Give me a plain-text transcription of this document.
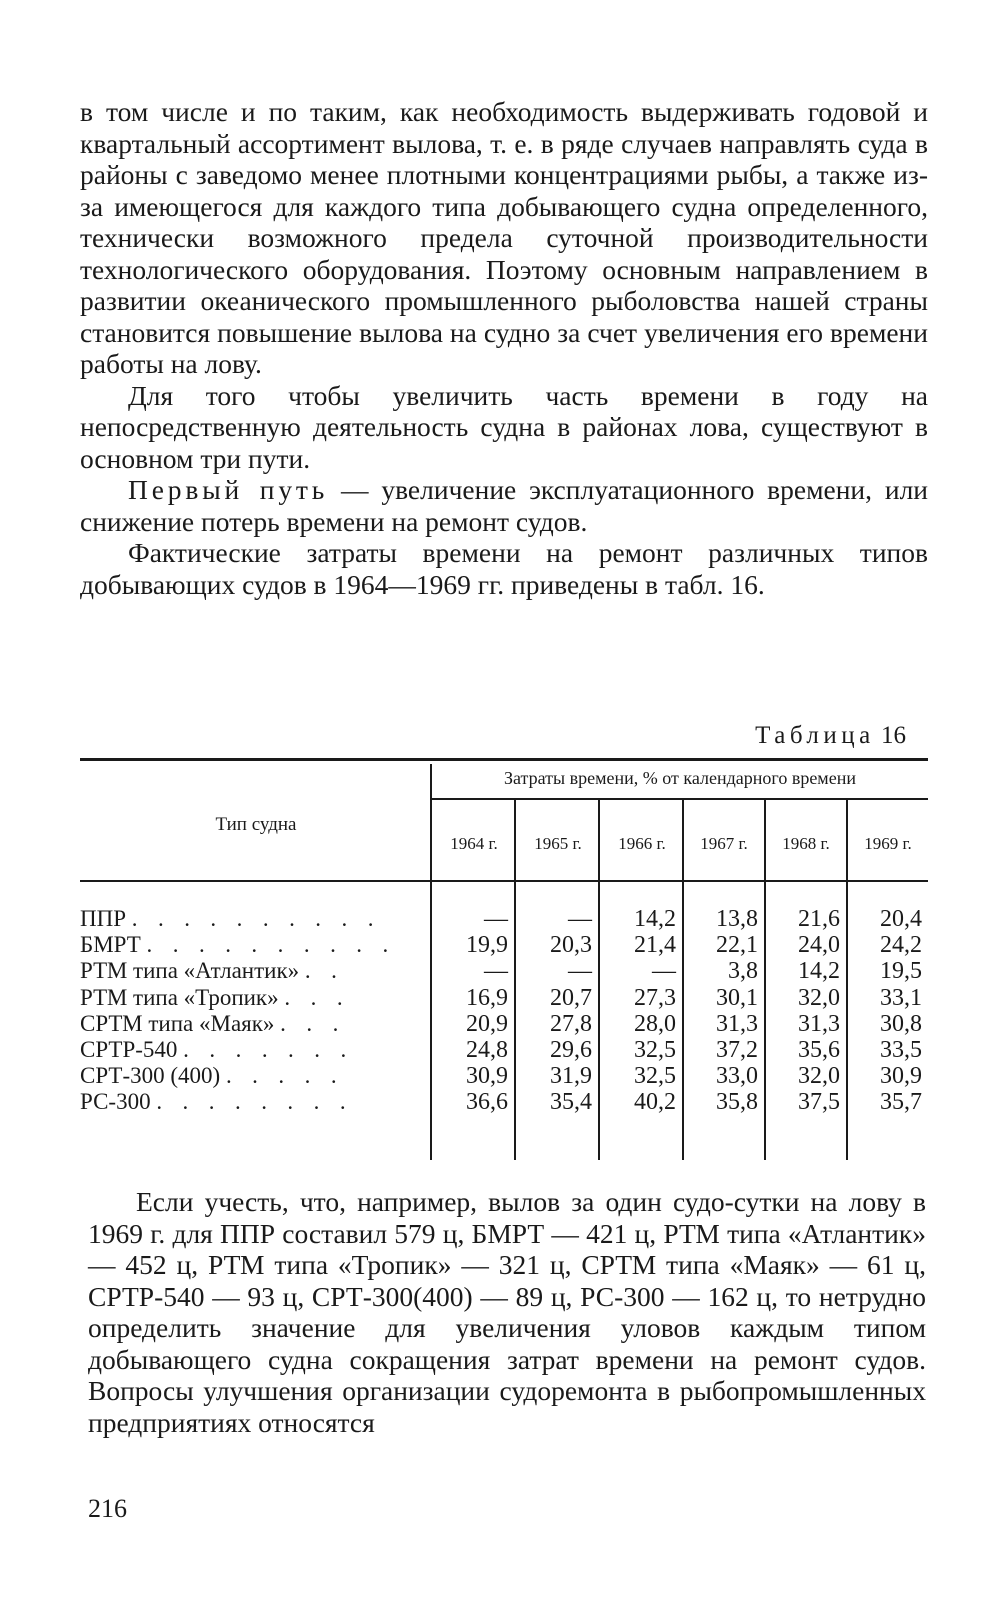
в том числе и по таким, как необходимость выдерживать годовой и квартальный ассортимент вылова, т. е. в ряде случаев направлять суда в районы с заведомо менее плотными концентрациями рыбы, а также из-за имеющегося для каждого типа добывающего судна определенного, технически возможного предела суточной производительности технологического оборудования. Поэтому основным направлением в развитии океанического промышленного рыболовства нашей страны становится повышение вылова на судно за счет увеличения его времени работы на лову.

Для того чтобы увеличить часть времени в году на непосредственную деятельность судна в районах лова, существуют в основном три пути.

Первый путь — увеличение эксплуатационного времени, или снижение потерь времени на ремонт судов.

Фактические затраты времени на ремонт различных типов добывающих судов в 1964—1969 гг. приведены в табл. 16.

Таблица 16
Затраты времени, % от календарного времени
Тип судна
1964 г.	1965 г.	1966 г.	1967 г.	1968 г.	1969 г.
ППР . . . . . . . . . .	—	—	14,2	13,8	21,6	20,4
БМРТ . . . . . . . . . .	19,9	20,3	21,4	22,1	24,0	24,2
РТМ типа «Атлантик» . .	—	—	—	3,8	14,2	19,5
РТМ типа «Тропик» . . .	16,9	20,7	27,3	30,1	32,0	33,1
СРТМ типа «Маяк» . . .	20,9	27,8	28,0	31,3	31,3	30,8
СРТР-540 . . . . . . .	24,8	29,6	32,5	37,2	35,6	33,5
СРТ-300 (400) . . . . .	30,9	31,9	32,5	33,0	32,0	30,9
РС-300 . . . . . . . .	36,6	35,4	40,2	35,8	37,5	35,7

Если учесть, что, например, вылов за один судо-сутки на лову в 1969 г. для ППР составил 579 ц, БМРТ — 421 ц, РТМ типа «Атлантик» — 452 ц, РТМ типа «Тропик» — 321 ц, СРТМ типа «Маяк» — 61 ц, СРТР-540 — 93 ц, СРТ-300(400) — 89 ц, РС-300 — 162 ц, то нетрудно определить значение для увеличения уловов каждым типом добывающего судна сокращения затрат времени на ремонт судов. Вопросы улучшения организации судоремонта в рыбопромышленных предприятиях относятся

216
